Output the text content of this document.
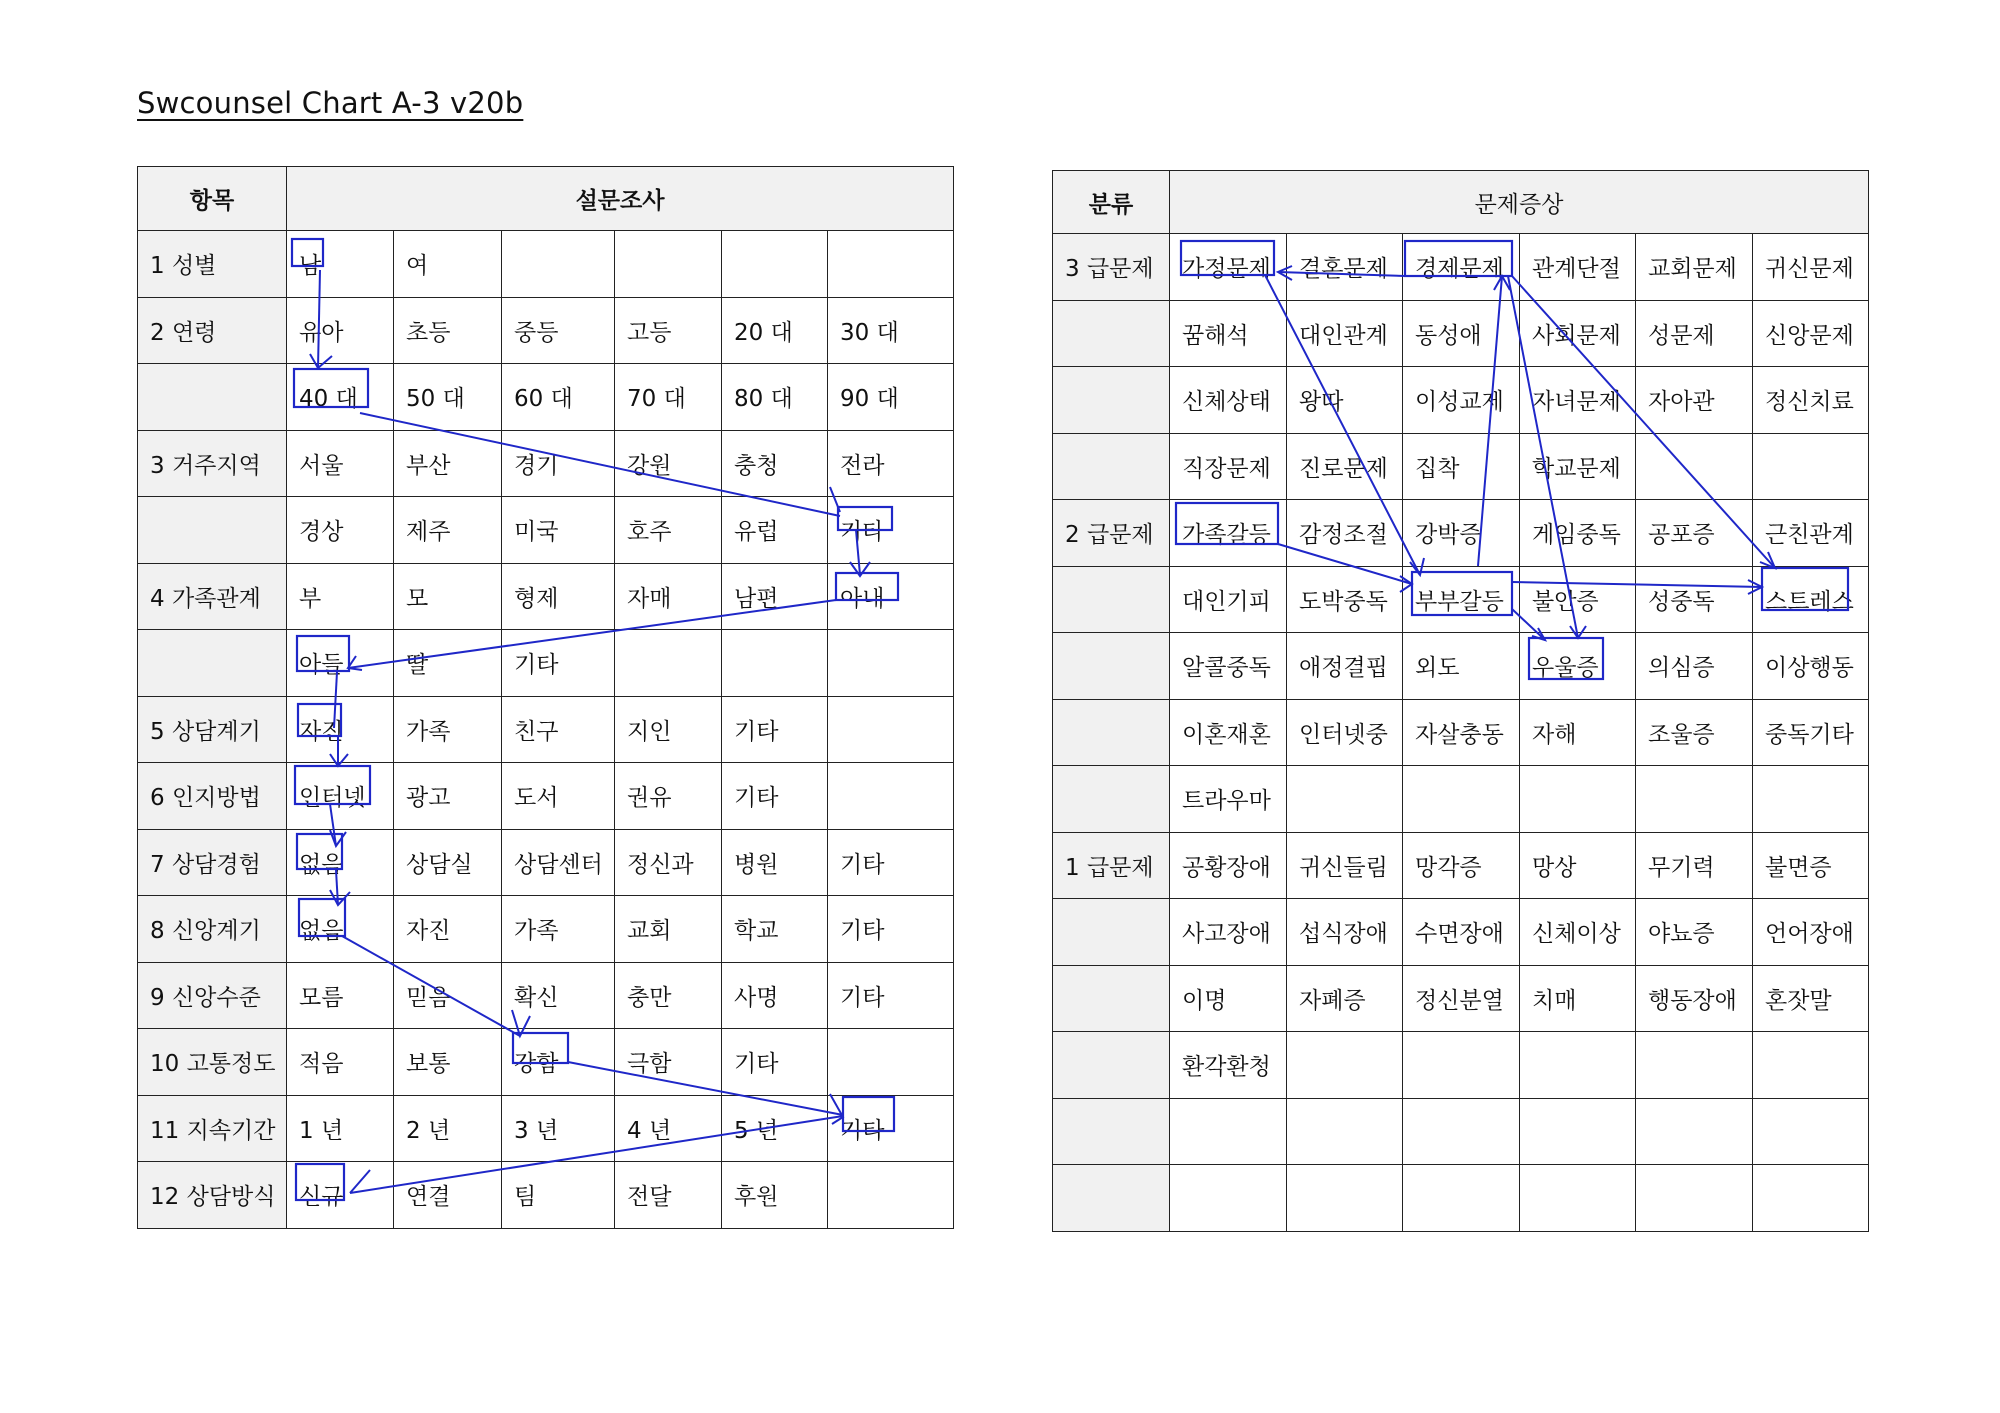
Swcounsel Chart A-3 v20b
항목	설문조사					
1 성별	남	여				
2 연령	유아	초등	중등	고등	20 대	30 대
	40 대	50 대	60 대	70 대	80 대	90 대
3 거주지역	서울	부산	경기	강원	충청	전라
	경상	제주	미국	호주	유럽	기타
4 가족관계	부	모	형제	자매	남편	아내
	아들	딸	기타			
5 상담계기	자진	가족	친구	지인	기타	
6 인지방법	인터넷	광고	도서	권유	기타	
7 상담경험	없음	상담실	상담센터	정신과	병원	기타
8 신앙계기	없음	자진	가족	교회	학교	기타
9 신앙수준	모름	믿음	확신	충만	사명	기타
10 고통정도	적음	보통	강함	극함	기타	
11 지속기간	1 년	2 년	3 년	4 년	5 년	기타
12 상담방식	신규	연결	팀	전달	후원	
분류	문제증상					
3 급문제	가정문제	결혼문제	경제문제	관계단절	교회문제	귀신문제
	꿈해석	대인관계	동성애	사회문제	성문제	신앙문제
	신체상태	왕따	이성교제	자녀문제	자아관	정신치료
	직장문제	진로문제	집착	학교문제		
2 급문제	가족갈등	감정조절	강박증	게임중독	공포증	근친관계
	대인기피	도박중독	부부갈등	불안증	성중독	스트레스
	알콜중독	애정결핍	외도	우울증	의심증	이상행동
	이혼재혼	인터넷중	자살충동	자해	조울증	중독기타
	트라우마					
1 급문제	공황장애	귀신들림	망각증	망상	무기력	불면증
	사고장애	섭식장애	수면장애	신체이상	야뇨증	언어장애
	이명	자폐증	정신분열	치매	행동장애	혼잣말
	환각환청					
